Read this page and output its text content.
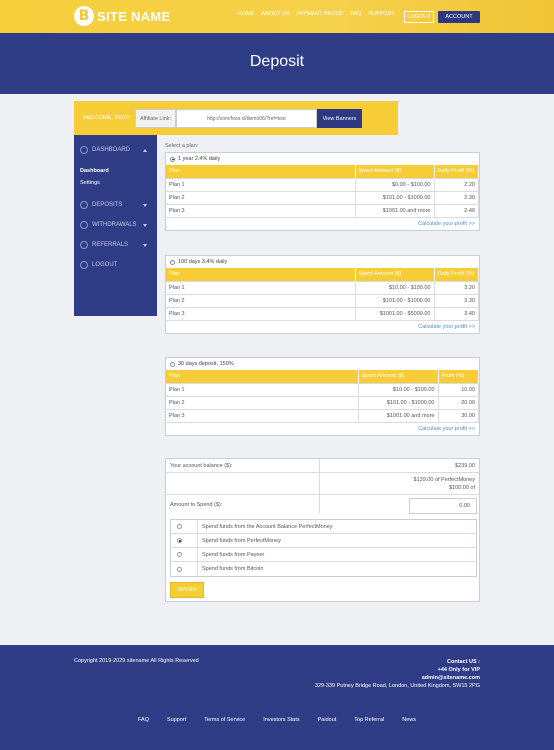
B SITE NAME	HOME ABOUT US PAYMENT PROOF FAQ SUPPORT	LOGOUT	ACCOUNT
Deposit
WELCOME, TEST!	Affiliate Link:	http://com/hour.cl/demo06/?ref=test	View Banners
DASHBOARD
Dashboard
Settings
DEPOSITS
WITHDRAWALS
REFERRALS
LOGOUT
Select a plan:
1 year 2.4% daily
Plan	Spent Amount ($)	Daily Profit (%)
Plan 1	$0.00 - $100.00	2.20
Plan 2	$101.00 - $1000.00	2.30
Plan 3	$1001.00 and more	2.40
Calculate your profit >>
100 days 3.4% daily
Plan	Spent Amount ($)	Daily Profit (%)
Plan 1	$10.00 - $100.00	3.20
Plan 2	$101.00 - $1000.00	3.30
Plan 3	$1001.00 - $5000.00	3.40
Calculate your profit >>
30 days deposit. 150%
Plan	Spent Amount ($)	Profit (%)
Plan 1	$10.00 - $100.00	10.00
Plan 2	$101.00 - $1000.00	20.00
Plan 3	$1001.00 and more	30.00
Calculate your profit >>
Your account balance ($):	$239.00
$139.00 of PerfectMoney
$100.00 of
Amount to Spend ($):	0.00
Spend funds from the Account Balance PerfectMoney
Spend funds from PerfectMoney
Spend funds from Payeer
Spend funds from Bitcoin
SPEND
Copyright 2019-2029 sitename All Rights Reserved	Contact US :
+44 Only for VIP
admin@sitename.com
329-339 Putney Bridge Road, London, United Kingdom, SW15 2PG
FAQ	Support	Terms of Service	Investors Stats	Paidout	Top Referral	News
